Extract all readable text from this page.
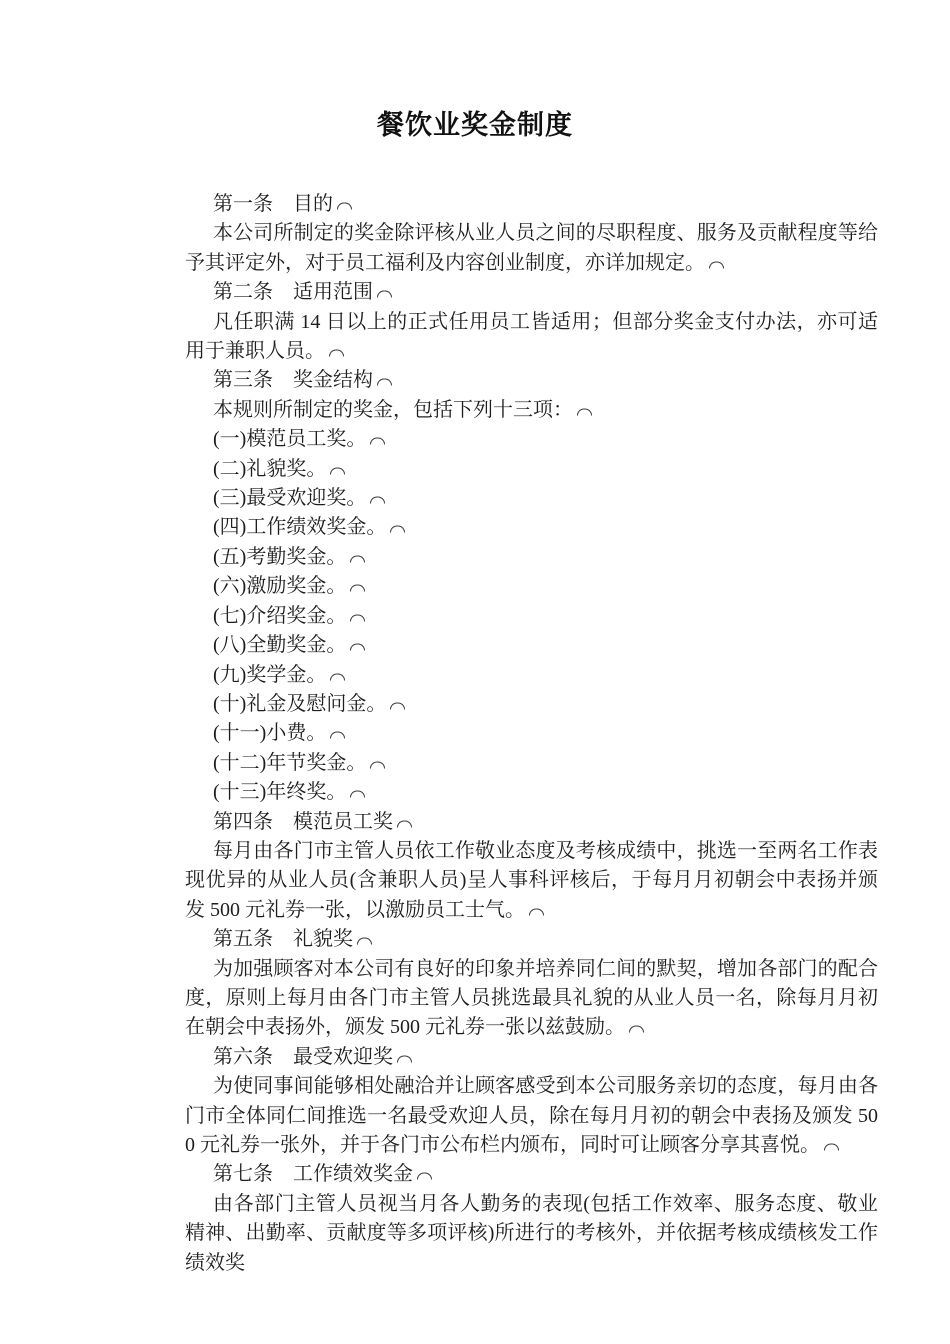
餐饮业奖金制度

第一条　目的

本公司所制定的奖金除评核从业人员之间的尽职程度、服务及贡献程度等给予其评定外，对于员工福利及内容创业制度，亦详加规定。

第二条　适用范围

凡任职满 14 日以上的正式任用员工皆适用；但部分奖金支付办法，亦可适用于兼职人员。

第三条　奖金结构

本规则所制定的奖金，包括下列十三项：

(一)模范员工奖。

(二)礼貌奖。

(三)最受欢迎奖。

(四)工作绩效奖金。

(五)考勤奖金。

(六)激励奖金。

(七)介绍奖金。

(八)全勤奖金。

(九)奖学金。

(十)礼金及慰问金。

(十一)小费。

(十二)年节奖金。

(十三)年终奖。

第四条　模范员工奖

每月由各门市主管人员依工作敬业态度及考核成绩中，挑选一至两名工作表现优异的从业人员(含兼职人员)呈人事科评核后，于每月月初朝会中表扬并颁发 500 元礼券一张，以激励员工士气。

第五条　礼貌奖

为加强顾客对本公司有良好的印象并培养同仁间的默契，增加各部门的配合度，原则上每月由各门市主管人员挑选最具礼貌的从业人员一名，除每月月初在朝会中表扬外，颁发 500 元礼券一张以兹鼓励。

第六条　最受欢迎奖

为使同事间能够相处融洽并让顾客感受到本公司服务亲切的态度，每月由各门市全体同仁间推选一名最受欢迎人员，除在每月月初的朝会中表扬及颁发 500 元礼券一张外，并于各门市公布栏内颁布，同时可让顾客分享其喜悦。

第七条　工作绩效奖金

由各部门主管人员视当月各人勤务的表现(包括工作效率、服务态度、敬业精神、出勤率、贡献度等多项评核)所进行的考核外，并依据考核成绩核发工作绩效奖
